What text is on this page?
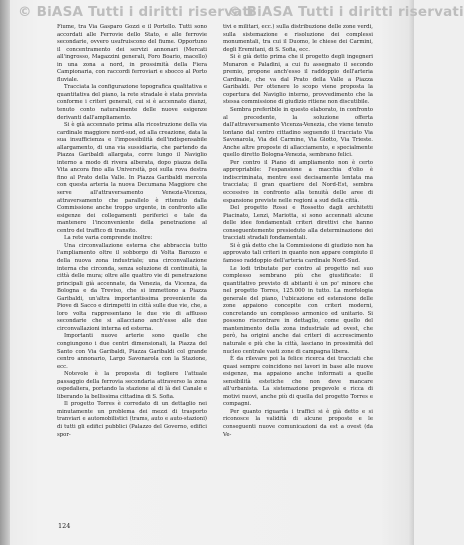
© BiASA Tutti i diritti riservati
© BiASA Tutti i diritti riservati

Fiume, tra Via Gasparo Gozzi e il Portello. Tutti sono accordati alle Ferrovie dello Stato, e alle ferrovie secondarie, ovvero usufruiscono del fiume. Opportuno il concentramento dei servizi annonari (Mercati all'ingrosso, Magazzini generali, Foro Boario, macello) in una zona a nord, in prossimità della Fiera Campionaria, con raccordi ferroviari e sbocco al Porto fluviale.

Tracciata la configurazione topografica qualitativa e quantitativa del piano, la rete stradale è stata prevista conforme i criteri generali, cui si è accennato dianzi, tenuto conto naturalmente delle nuove esigenze derivanti dall'ampliamento.

Si è già accennato prima alla ricostruzione della via cardinale maggiore nord-sud, ed alla creazione, data la sua insufficienza e l'impossibilità dell'indispensabile allargamento, di una via sussidiaria, che partendo da Piazza Garibaldi allargata, corre lungo il Naviglio interno a modo di rivera alberata, dopo piazza della Vita ancora fino alla Università, poi sulla rova destra fino al Prato della Valle. In Piazza Garibaldi mercola con questa arteria la nuova Decumana Maggiore che serve all'attraversamento Venezia-Vicenza, attraversamento che parallelo è ritenuto dalla Commissione anche troppo urgente, in confronto alle esigenze dei collegamenti periferici e tale da mantenere l'inconveniente della penetrazione al centro del traffico di transito.

La rete varia comprende inoltre:

Una circonvallazione esterna che abbraccia tutto l'ampliamento oltre il sobborgo di Volta Barozzo e della nuova zona industriale; una circonvallazione interna che circonda, senza soluzione di continuità, la città delle mura; oltre alle quattro vie di penetrazione principali già accennate, da Venezia, da Vicenza, da Bologna e da Treviso, che si immettono a Piazza Garibaldi, un'altra importantissima proveniente da Piove di Sacco e dirimpetti in città sulle due vie, che, a loro volta rappresentano le due vie di afflusso secondarie che si allacciano anch'esse alle due circonvallazioni interna ed esterna.

Importanti nuove arterie sono quelle che congiungono i due centri dimensionali, la Piazza del Santo con Via Garibaldi, Piazza Garibaldi col grande centro annonario, Largo Savonarola con la Stazione, ecc.

Notevole è la proposta di togliere l'attuale passaggio della ferrovia secondaria attraverso la zona ospedaliera, portando la stazione al di là del Canale e liberando la bellissima cittadina di S. Sofia.

Il progetto Torres è corredato di un dettaglio nei minutamente un problema dei mezzi di trasporto tranviari e automobilistici (trams, auto e auto-stazioni) di tutti gli edifici pubblici (Palazzo del Governo, edifici spor-

tivi e militari, ecc.) sulla distribuzione delle zone verdi, sulla sistemazione e risoluzione dei complessi monumentali, tra cui il Duomo, le chiese dei Carmini, degli Eremitani, di S. Sofia, ecc.

Si è già detto prima che il progetto degli ingegneri Munaron e Paladini, a cui fu assegnato il secondo premio, propone anch'esso il raddoppio dell'arteria Cardinale, che va dal Prato della Valle a Piazza Garibaldi. Per ottenere lo scopo viene proposta la copertura del Naviglio interno, provvedimento che la stessa commissione di giudizio ritiene non discutibile.

Sembra preferibile in questo elaborato, in confronto al precedente, la soluzione offerta dall'attraversamento Vicenza-Venezia, che viene tenuto lontano dal centro cittadino seguendo il tracciato Via Savonarola, Via del Carmine, Via Giotto, Via Trieste. Anche altre proposte di allacciamento, e specialmente quello diretto Bologna-Venezia, sembrano felici.

Per contro il Piano di ampliamento non è certo appropriabile: l'espansione a macchia d'olio è indiscriminata, mentre essi decisamente lentata ma tracciata; il gran quartiere del Nord-Est, sembra eccessivo in confronto alla tenuità delle aree di espansione previste nelle regioni a sud della città.

Del progetto Rossi e Rossetto dagli architetti Piacinato, Lenzi, Mariotta, si sono accennati alcune delle idee fondamentali criteri direttivi che hanno conseguentemente presieduto alla determinazione dei tracciati stradali fondamentali.

Si è già detto che la Commissione di giudizio non ha approvato tali criteri in quanto non appare compiuto il famoso raddoppio dell'arteria cardinale Nord-Sud.

Le lodi tributate per contro al progetto nel suo complesso sembrano più che giustificate: il quantitativo previsto di abitanti è un po' minore che nel progetto Torres, 125.000 in tutto. La morfologia generale del piano, l'ubicazione ed estensione delle zone appaiono concepite con criteri moderni, concretando un complesso armonico ed unitario. Si possono riscontrare in dettaglio, come quello del mantenimento della zona industriale ad ovest, che però, ha origini anche dai criteri di accrescimento naturale e più che la città, lasciano in prossimità del nucleo centrale vasti zone di campagna libera.

È da rilevare poi la felice ricerca dei tracciati che quasi sempre coincidono nei lavori in base alle nuove esigenze, ma appaiono anche informati a quelle sensibilità estetiche che non deve mancare all'urbanista. La sistemazione pregevole e ricca di motivi nuovi, anche più di quella del progetto Torres e compagni.

Per quanto riguarda i traffici si è già detto e si riconosce la validità di alcune proposte e le conseguenti nuove comunicazioni da est a ovest (da Ve-

124
